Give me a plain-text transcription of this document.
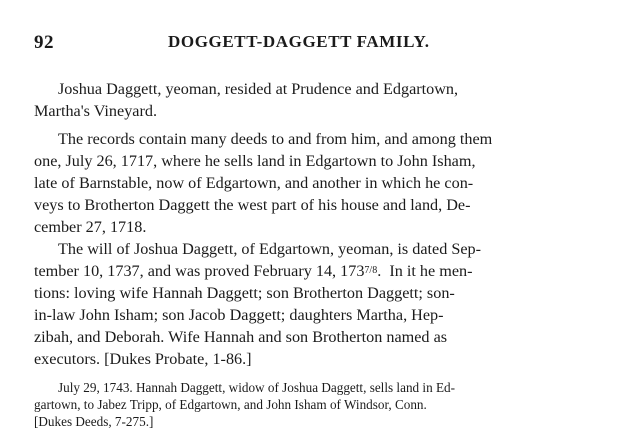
92	DOGGETT-DAGGETT FAMILY.
Joshua Daggett, yeoman, resided at Prudence and Edgartown,
Martha's Vineyard.
The records contain many deeds to and from him, and among them
one, July 26, 1717, where he sells land in Edgartown to John Isham,
late of Barnstable, now of Edgartown, and another in which he con-
veys to Brotherton Daggett the west part of his house and land, De-
cember 27, 1718.
The will of Joshua Daggett, of Edgartown, yeoman, is dated Sep-
tember 10, 1737, and was proved February 14, 1737/8.  In it he men-
tions: loving wife Hannah Daggett; son Brotherton Daggett; son-
in-law John Isham; son Jacob Daggett; daughters Martha, Hep-
zibah, and Deborah. Wife Hannah and son Brotherton named as
executors. [Dukes Probate, 1-86.]
July 29, 1743. Hannah Daggett, widow of Joshua Daggett, sells land in Ed-
gartown, to Jabez Tripp, of Edgartown, and John Isham of Windsor, Conn.
[Dukes Deeds, 7-275.]
